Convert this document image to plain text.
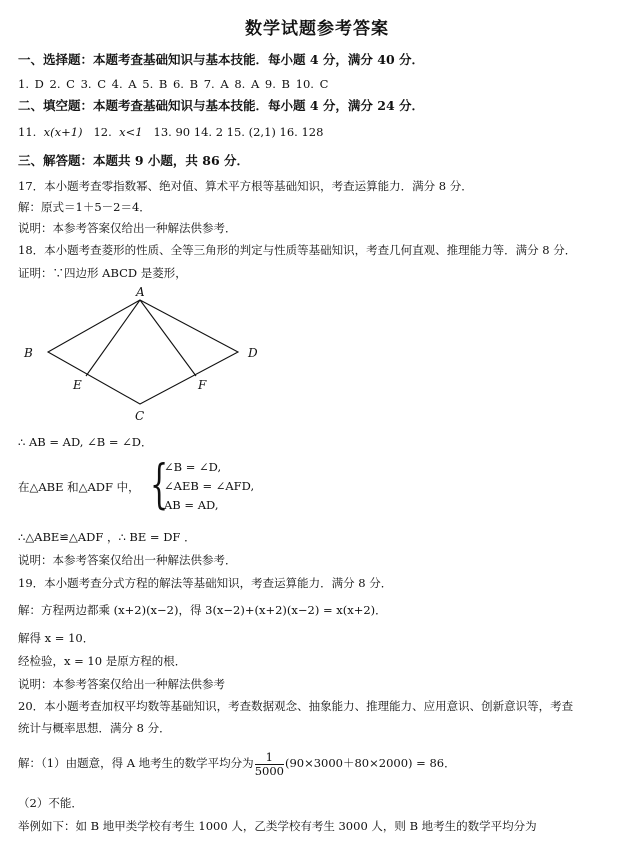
数学试题参考答案
一、选择题：本题考查基础知识与基本技能．每小题 4 分，满分 40 分．
1. D 2. C 3. C 4. A 5. B 6. B 7. A 8. A 9. B 10. C
二、填空题：本题考查基础知识与基本技能．每小题 4 分，满分 24 分．
11. x(x+1) 12. x<1 13. 90 14. 2 15. (2,1) 16. 128
三、解答题：本题共 9 小题，共 86 分．
17．本小题考查零指数幂、绝对值、算术平方根等基础知识，考查运算能力．满分 8 分．
解：原式＝1＋5－2＝4．
说明：本参考答案仅给出一种解法供参考．
18．本小题考查菱形的性质、全等三角形的判定与性质等基础知识，考查几何直观、推理能力等．满分 8 分．
证明：∵四边形 ABCD 是菱形，
A
B
C
D
E	F
∴ AB = AD, ∠B = ∠D．
在△ABE 和△ADF 中， {
∠B = ∠D,
∠AEB = ∠AFD,
AB = AD,
∴△ABE≌△ADF ，∴ BE = DF ．
说明：本参考答案仅给出一种解法供参考．
19．本小题考查分式方程的解法等基础知识，考查运算能力．满分 8 分．
解：方程两边都乘 (x+2)(x−2)，得 3(x−2)+(x+2)(x−2) = x(x+2)．
解得 x = 10．
经检验，x = 10 是原方程的根．
说明：本参考答案仅给出一种解法供参考
20．本小题考查加权平均数等基础知识，考查数据观念、抽象能力、推理能力、应用意识、创新意识等，考查
统计与概率思想．满分 8 分．
解：（1）由题意，得 A 地考生的数学平均分为 $\frac{1}{5000} (90\times 3000+80\times 2000) = 86$．
（2）不能．
举例如下：如 B 地甲类学校有考生 1000 人，乙类学校有考生 3000 人，则 B 地考生的数学平均分为
